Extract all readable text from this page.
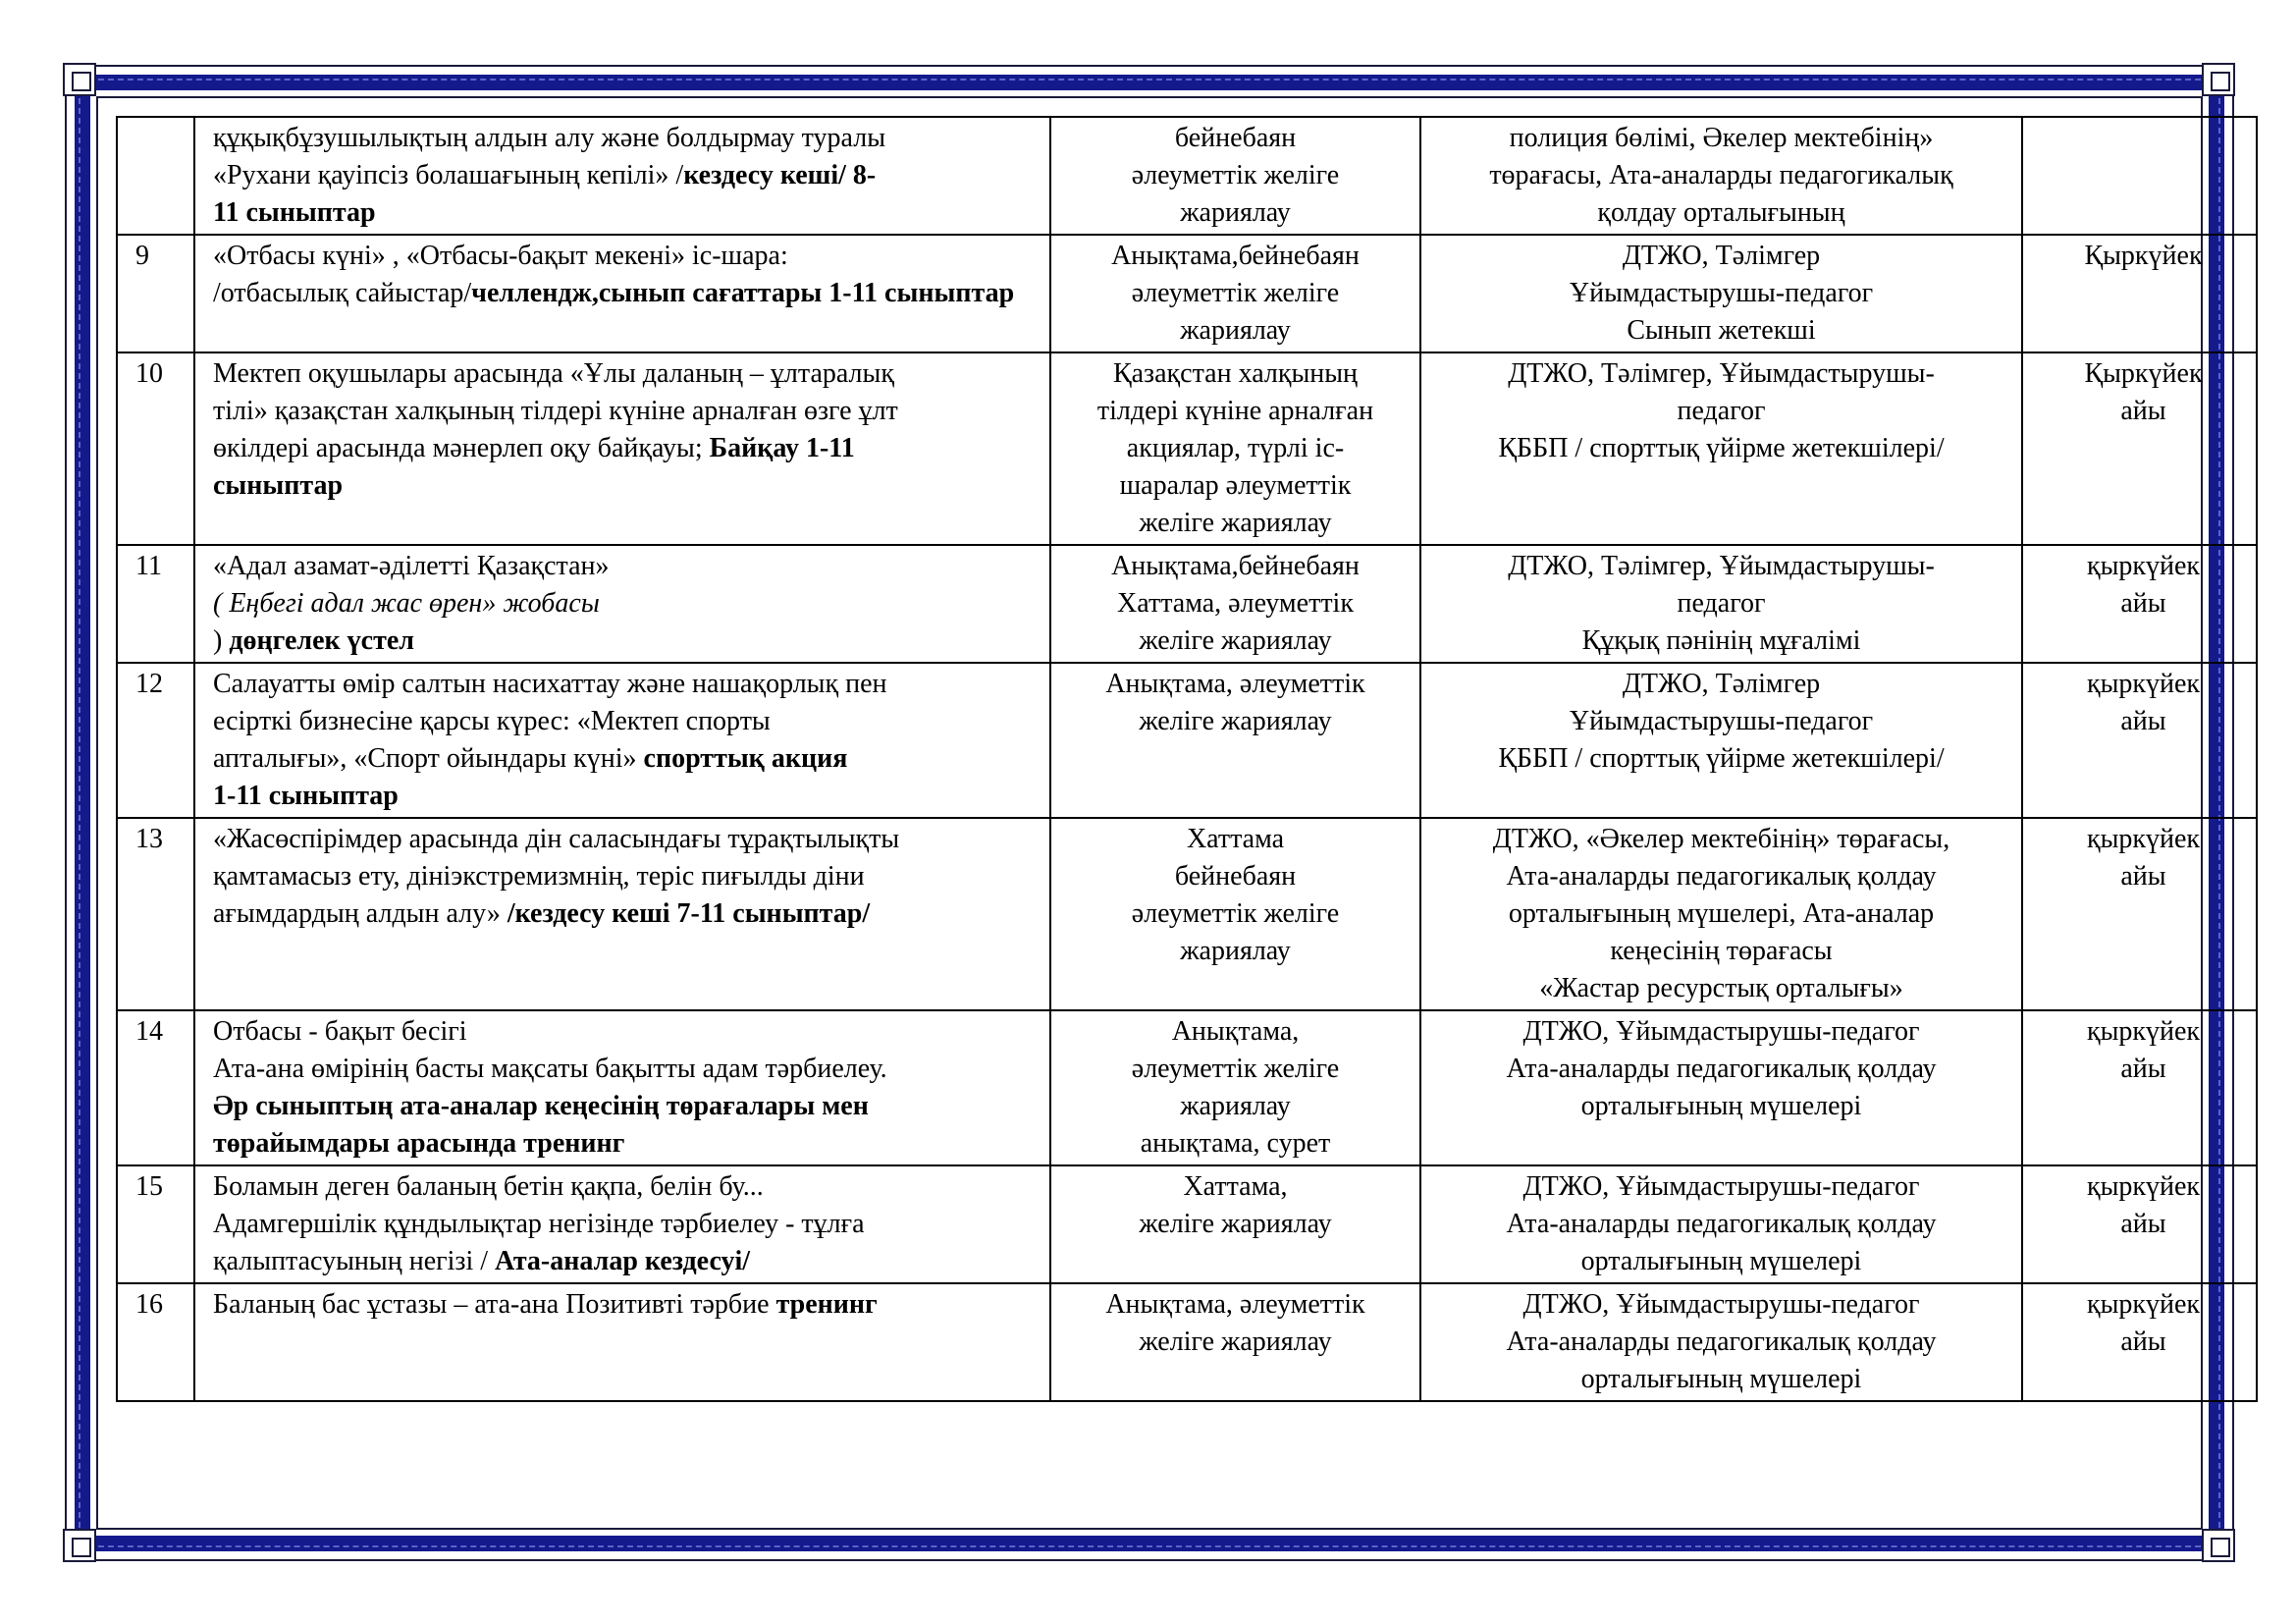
	құқықбұзушылықтың алдын алу және болдырмау туралы
«Рухани қауіпсіз болашағының кепілі» /кездесу кеші/ 8-
11 сыныптар	бейнебаян
әлеуметтік желіге
жариялау	полиция бөлімі, Әкелер мектебінің»
төрағасы, Ата-аналарды педагогикалық
қолдау орталығының	

9	«Отбасы күні» , «Отбасы-бақыт мекені» іс-шара:
/отбасылық сайыстар/челлендж,сынып сағаттары 1-11 сыныптар	Анықтама,бейнебаян
әлеуметтік желіге
жариялау	ДТЖО, Тәлімгер
Ұйымдастырушы-педагог
Сынып жетекші	Қыркүйек

10	Мектеп оқушылары арасында «Ұлы даланың – ұлтаралық
тілі» қазақстан халқының тілдері күніне арналған өзге ұлт
өкілдері арасында мәнерлеп оқу байқауы; Байқау 1-11
сыныптар	Қазақстан халқының
тілдері күніне арналған
акциялар, түрлі іс-
шаралар әлеуметтік
желіге жариялау	ДТЖО, Тәлімгер, Ұйымдастырушы-
педагог
ҚББП / спорттық үйірме жетекшілері/	Қыркүйек
айы

11	«Адал азамат-әділетті Қазақстан»
( Еңбегі адал жас өрен» жобасы
) дөңгелек үстел	Анықтама,бейнебаян
Хаттама, әлеуметтік
желіге жариялау	ДТЖО, Тәлімгер, Ұйымдастырушы-
педагог
Құқық пәнінің мұғалімі	қыркүйек
айы

12	Салауатты өмір салтын насихаттау және нашақорлық пен
есірткі бизнесіне қарсы күрес: «Мектеп спорты
апталығы», «Спорт ойындары күні» спорттық акция
1-11 сыныптар	Анықтама, әлеуметтік
желіге жариялау	ДТЖО, Тәлімгер
Ұйымдастырушы-педагог
ҚББП / спорттық үйірме жетекшілері/	қыркүйек
айы

13	«Жасөспірімдер арасында дін саласындағы тұрақтылықты
қамтамасыз ету, дініэкстремизмнің, теріс пиғылды діни
ағымдардың алдын алу» /кездесу кеші 7-11 сыныптар/	Хаттама
бейнебаян
әлеуметтік желіге
жариялау	ДТЖО, «Әкелер мектебінің» төрағасы,
Ата-аналарды педагогикалық қолдау
орталығының мүшелері, Ата-аналар
кеңесінің төрағасы
«Жастар ресурстық орталығы»	қыркүйек
айы

14	Отбасы - бақыт бесігі
Ата-ана өмірінің басты мақсаты бақытты адам тәрбиелеу.
Әр сыныптың ата-аналар кеңесінің төрағалары мен
төрайымдары арасында тренинг	Анықтама,
әлеуметтік желіге
жариялау
анықтама, сурет	ДТЖО, Ұйымдастырушы-педагог
Ата-аналарды педагогикалық қолдау
орталығының мүшелері	қыркүйек
айы

15	Боламын деген баланың бетін қақпа, белін бу...
Адамгершілік құндылықтар негізінде тәрбиелеу - тұлға
қалыптасуының негізі / Ата-аналар кездесуі/	Хаттама,
желіге жариялау	ДТЖО, Ұйымдастырушы-педагог
Ата-аналарды педагогикалық қолдау
орталығының мүшелері	қыркүйек
айы

16	Баланың бас ұстазы – ата-ана Позитивті тәрбие тренинг	Анықтама, әлеуметтік
желіге жариялау	ДТЖО, Ұйымдастырушы-педагог
Ата-аналарды педагогикалық қолдау
орталығының мүшелері	қыркүйек
айы
